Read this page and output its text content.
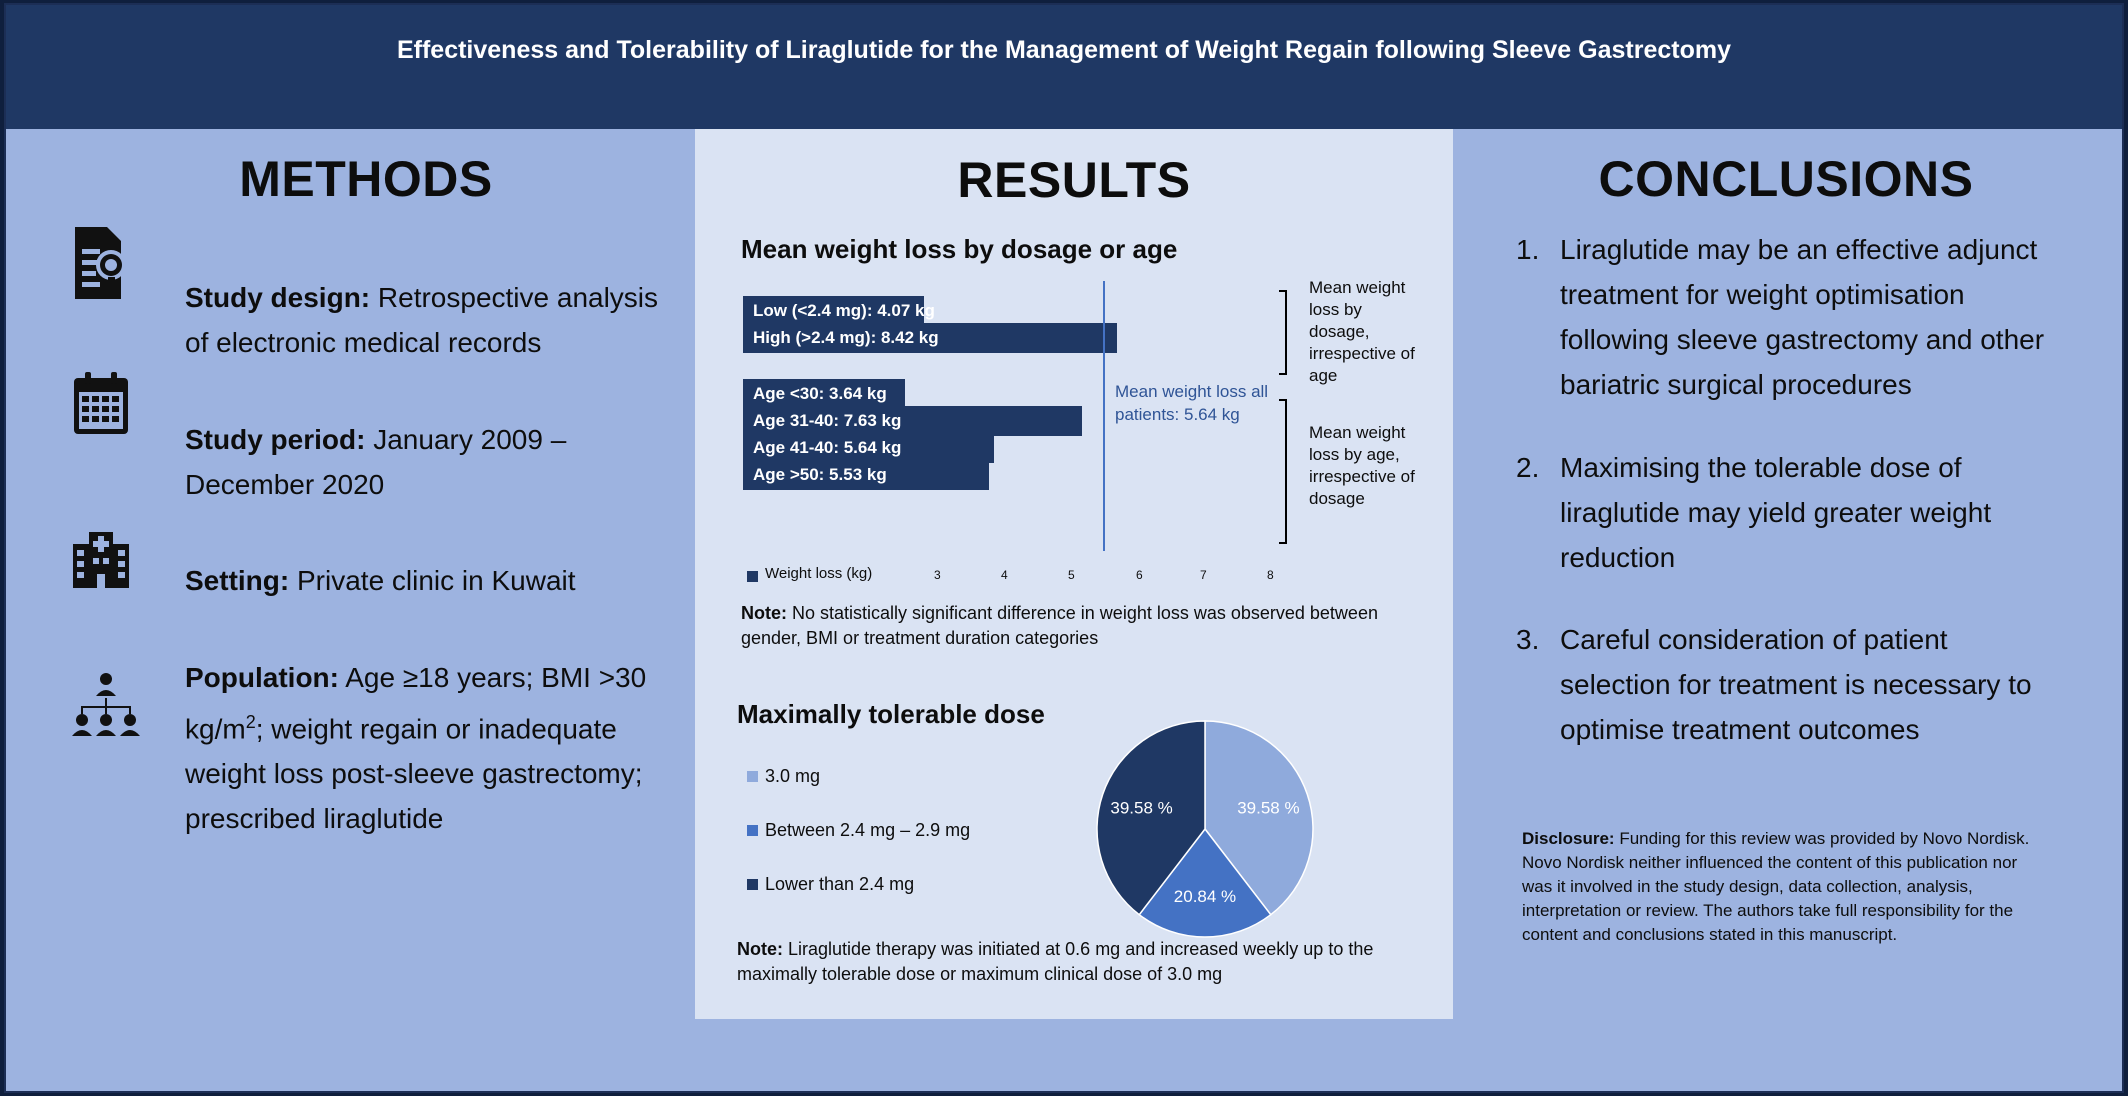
Effectiveness and Tolerability of Liraglutide for the Management of Weight Regain following Sleeve Gastrectomy
METHODS
Study design: Retrospective analysis of electronic medical records
Study period: January 2009 – December 2020
Setting: Private clinic in Kuwait
Population: Age ≥18 years; BMI >30 $kg/m^2$; weight regain or inadequate weight loss post-sleeve gastrectomy; prescribed liraglutide
RESULTS
Mean weight loss by dosage or age
Low (<2.4 mg): 4.07 kg
High (>2.4 mg): 8.42 kg
Age <30: 3.64 kg
Age 31-40: 7.63 kg
Age 41-40: 5.64 kg
Age >50: 5.53 kg
Mean weight loss all patients: 5.64 kg
Mean weight loss by dosage, irrespective of age
Mean weight loss by age, irrespective of dosage
Weight loss (kg)	3	4	5	6	7	8
Note: No statistically significant difference in weight loss was observed between gender, BMI or treatment duration categories
Maximally tolerable dose
3.0 mg
Between 2.4 mg – 2.9 mg
Lower than 2.4 mg
39.58 %
20.84 %
39.58 %
Note: Liraglutide therapy was initiated at 0.6 mg and increased weekly up to the maximally tolerable dose or maximum clinical dose of 3.0 mg
CONCLUSIONS
1. Liraglutide may be an effective adjunct treatment for weight optimisation following sleeve gastrectomy and other bariatric surgical procedures
2. Maximising the tolerable dose of liraglutide may yield greater weight reduction
3. Careful consideration of patient selection for treatment is necessary to optimise treatment outcomes
Disclosure: Funding for this review was provided by Novo Nordisk. Novo Nordisk neither influenced the content of this publication nor was it involved in the study design, data collection, analysis, interpretation or review. The authors take full responsibility for the content and conclusions stated in this manuscript.
